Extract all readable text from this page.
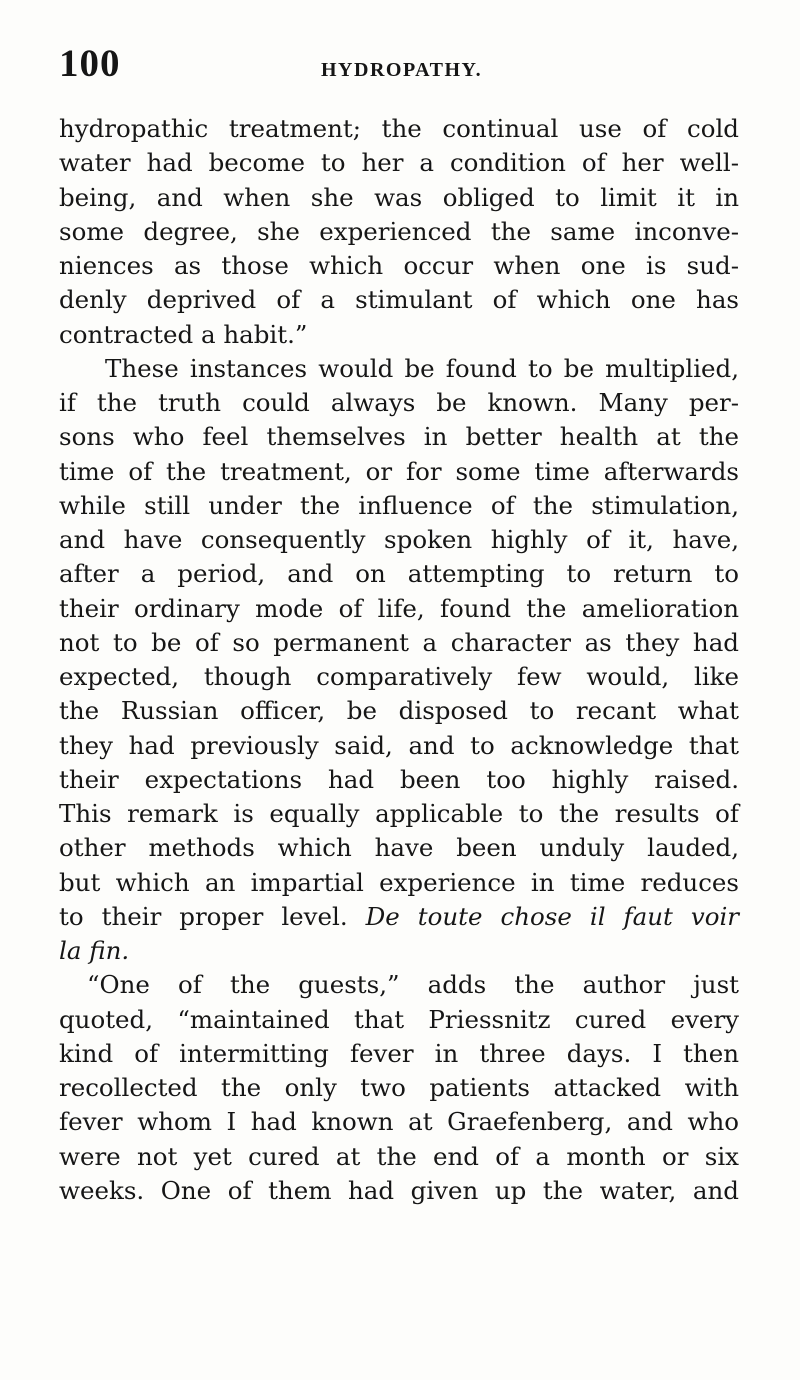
100	HYDROPATHY.
hydropathic treatment; the continual use of cold
water had become to her a condition of her well-
being, and when she was obliged to limit it in
some degree, she experienced the same inconve-
niences as those which occur when one is sud-
denly deprived of a stimulant of which one has
contracted a habit.”
These instances would be found to be multiplied,
if the truth could always be known. Many per-
sons who feel themselves in better health at the
time of the treatment, or for some time afterwards
while still under the influence of the stimulation,
and have consequently spoken highly of it, have,
after a period, and on attempting to return to
their ordinary mode of life, found the amelioration
not to be of so permanent a character as they had
expected, though comparatively few would, like
the Russian officer, be disposed to recant what
they had previously said, and to acknowledge that
their expectations had been too highly raised.
This remark is equally applicable to the results of
other methods which have been unduly lauded,
but which an impartial experience in time reduces
to their proper level. De toute chose il faut voir
la fin.
“One of the guests,” adds the author just
quoted, “maintained that Priessnitz cured every
kind of intermitting fever in three days. I then
recollected the only two patients attacked with
fever whom I had known at Graefenberg, and who
were not yet cured at the end of a month or six
weeks. One of them had given up the water, and
